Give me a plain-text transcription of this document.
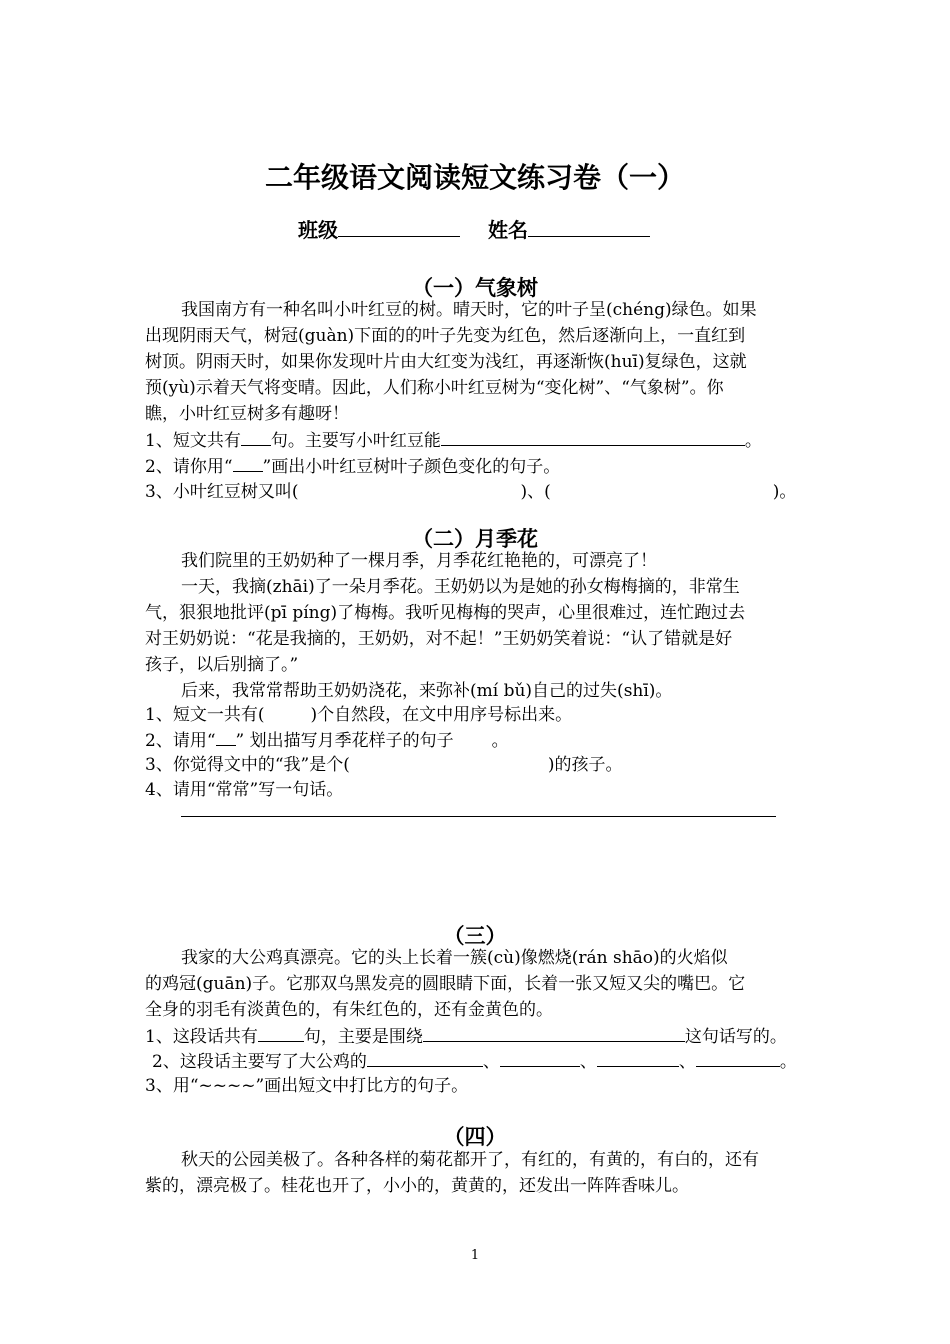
二年级语文阅读短文练习卷（一）
班级	姓名
（一）气象树
我国南方有一种名叫小叶红豆的树。晴天时，它的叶子呈(chéng)绿色。如果
出现阴雨天气，树冠(guàn)下面的的叶子先变为红色，然后逐渐向上，一直红到
树顶。阴雨天时，如果你发现叶片由大红变为浅红，再逐渐恢(huī)复绿色，这就
预(yù)示着天气将变晴。因此，人们称小叶红豆树为“变化树”、“气象树”。你
瞧，小叶红豆树多有趣呀！
1、短文共有 句。主要写小叶红豆能	。
2、请你用“ ”画出小叶红豆树叶子颜色变化的句子。
3、小叶红豆树又叫(	)、(	)。
（二）月季花
我们院里的王奶奶种了一棵月季，月季花红艳艳的，可漂亮了！
一天，我摘(zhāi)了一朵月季花。王奶奶以为是她的孙女梅梅摘的，非常生
气，狠狠地批评(pī píng)了梅梅。我听见梅梅的哭声，心里很难过，连忙跑过去
对王奶奶说：“花是我摘的，王奶奶，对不起！”王奶奶笑着说：“认了错就是好
孩子，以后别摘了。”
后来，我常常帮助王奶奶浇花，来弥补(mí bǔ)自己的过失(shī)。
1、短文一共有(	)个自然段，在文中用序号标出来。
2、请用“ ” 划出描写月季花样子的句子 。
3、你觉得文中的“我”是个(	)的孩子。
4、请用“常常”写一句话。
（三）
我家的大公鸡真漂亮。它的头上长着一簇(cù)像燃烧(rán shāo)的火焰似
的鸡冠(guān)子。它那双乌黑发亮的圆眼睛下面，长着一张又短又尖的嘴巴。它
全身的羽毛有淡黄色的，有朱红色的，还有金黄色的。
1、这段话共有	句，主要是围绕	这句话写的。
2、这段话主要写了大公鸡的	、	、	、	。
3、用“~~~~”画出短文中打比方的句子。
（四）
秋天的公园美极了。各种各样的菊花都开了，有红的，有黄的，有白的，还有
紫的，漂亮极了。桂花也开了，小小的，黄黄的，还发出一阵阵香味儿。
1
